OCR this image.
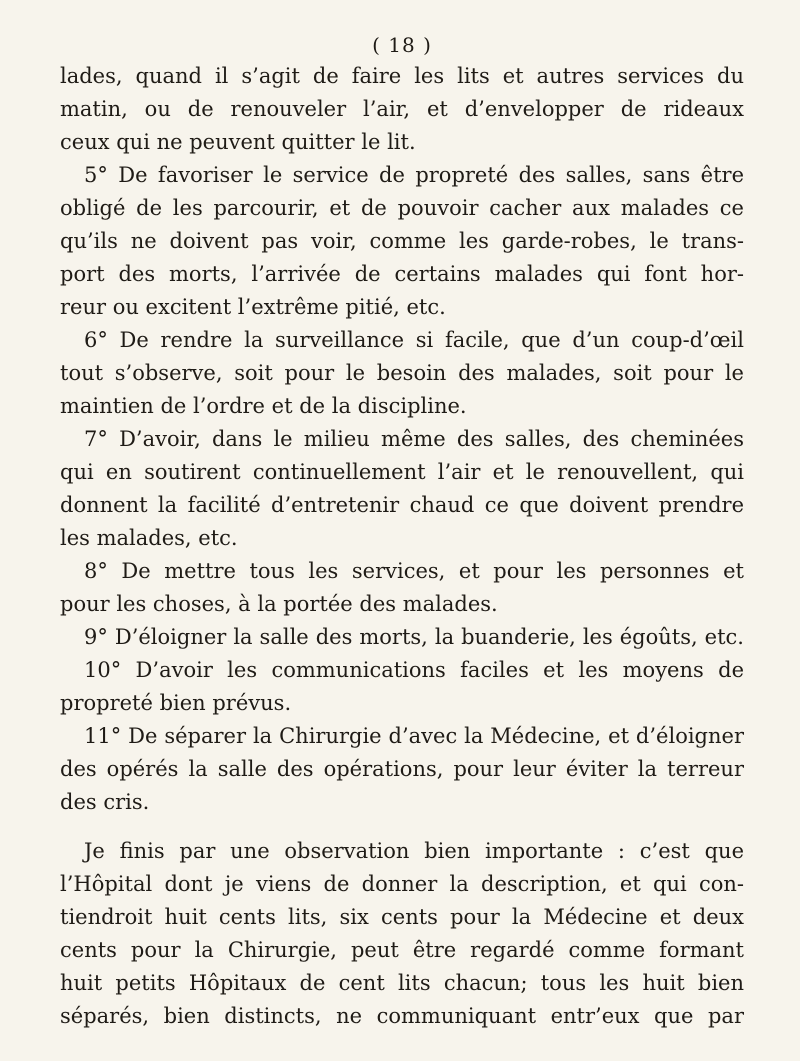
( 18 )
lades, quand il s’agit de faire les lits et autres services du
matin, ou de renouveler l’air, et d’envelopper de rideaux
ceux qui ne peuvent quitter le lit.
5° De favoriser le service de propreté des salles, sans être
obligé de les parcourir, et de pouvoir cacher aux malades ce
qu’ils ne doivent pas voir, comme les garde-robes, le trans-
port des morts, l’arrivée de certains malades qui font hor-
reur ou excitent l’extrême pitié, etc.
6° De rendre la surveillance si facile, que d’un coup-d’œil
tout s’observe, soit pour le besoin des malades, soit pour le
maintien de l’ordre et de la discipline.
7° D’avoir, dans le milieu même des salles, des cheminées
qui en soutirent continuellement l’air et le renouvellent, qui
donnent la facilité d’entretenir chaud ce que doivent prendre
les malades, etc.
8° De mettre tous les services, et pour les personnes et
pour les choses, à la portée des malades.
9° D’éloigner la salle des morts, la buanderie, les égoûts, etc.
10° D’avoir les communications faciles et les moyens de
propreté bien prévus.
11° De séparer la Chirurgie d’avec la Médecine, et d’éloigner
des opérés la salle des opérations, pour leur éviter la terreur
des cris.
Je finis par une observation bien importante : c’est que
l’Hôpital dont je viens de donner la description, et qui con-
tiendroit huit cents lits, six cents pour la Médecine et deux
cents pour la Chirurgie, peut être regardé comme formant
huit petits Hôpitaux de cent lits chacun; tous les huit bien
séparés, bien distincts, ne communiquant entr’eux que par
